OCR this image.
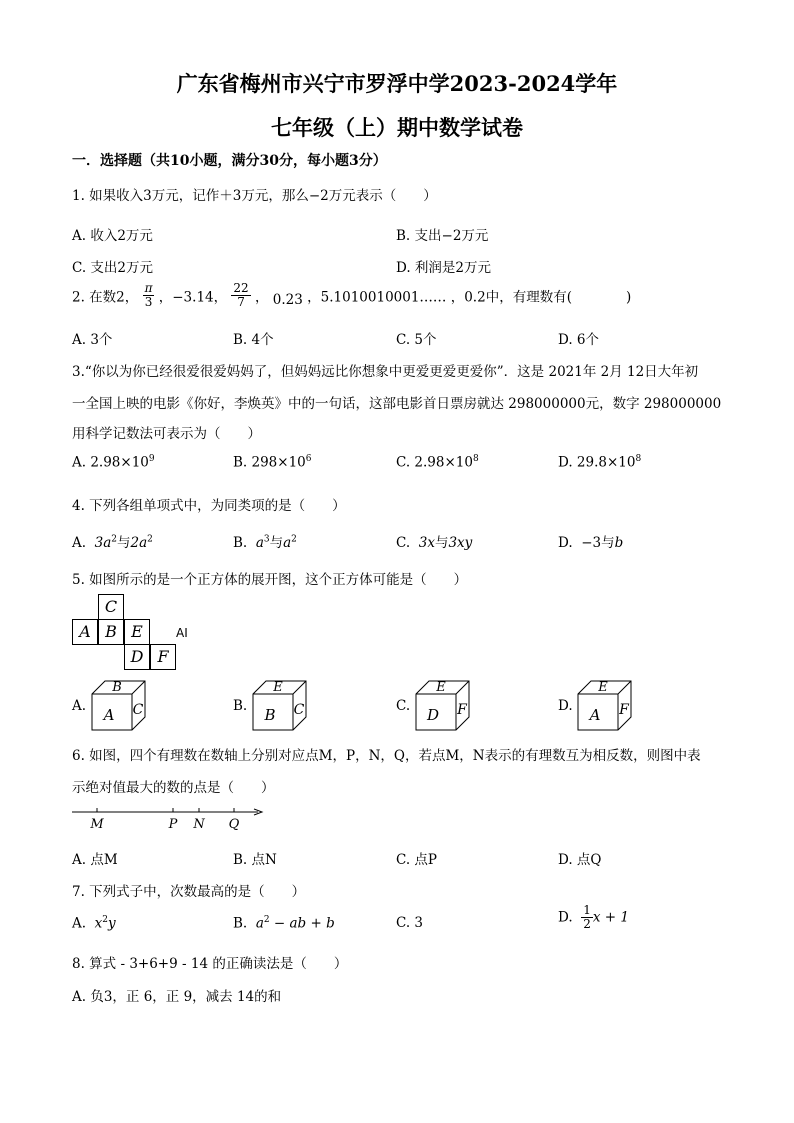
广东省梅州市兴宁市罗浮中学2023-2024学年
七年级（上）期中数学试卷
一．选择题（共10小题，满分30分，每小题3分）
1. 如果收入3万元，记作＋3万元，那么−2万元表示（　　）
A. 收入2万元	B. 支出−2万元
C. 支出2万元	D. 利润是2万元
2. 在数2， $\frac{\pi}{3}$ ，−3.14， $\frac{22}{7}$ ， 0.23 ，5.1010010001…… ，0.2中，有理数有(　　　　)
A. 3个	B. 4个	C. 5个	D. 6个
3.“你以为你已经很爱很爱妈妈了，但妈妈远比你想象中更爱更爱更爱你”．这是 2021年 2月 12日大年初
一全国上映的电影《你好，李焕英》中的一句话，这部电影首日票房就达 298000000元，数字 298000000
用科学记数法可表示为（　　）
A. $2.98\times 10^9$	B. $298\times 10^6$	C. $2.98\times 10^8$	D. $29.8\times 10^8$
4. 下列各组单项式中，为同类项的是（　　）
A. $3a^2$与$2a^2$	B. $a^3$与$a^2$	C. 3x与3xy	D. −3与b
5. 如图所示的是一个正方体的展开图，这个正方体可能是（　　）
C
A B E
D F
AI
A.	B.	C.	D.
B
A C
E
B C
E
D F
E
A F
6. 如图，四个有理数在数轴上分别对应点M，P，N，Q，若点M，N表示的有理数互为相反数，则图中表
示绝对值最大的数的点是（　　）
M	P N Q
A. 点M	B. 点N	C. 点P	D. 点Q
7. 下列式子中，次数最高的是（　　）
A. $x^2y$	B. $a^2$ − ab + b	C. 3	D. $\frac{1}{2}$ x + 1
8. 算式 - 3+6+9 - 14 的正确读法是（　　）
A. 负3，正 6，正 9，减去 14的和
